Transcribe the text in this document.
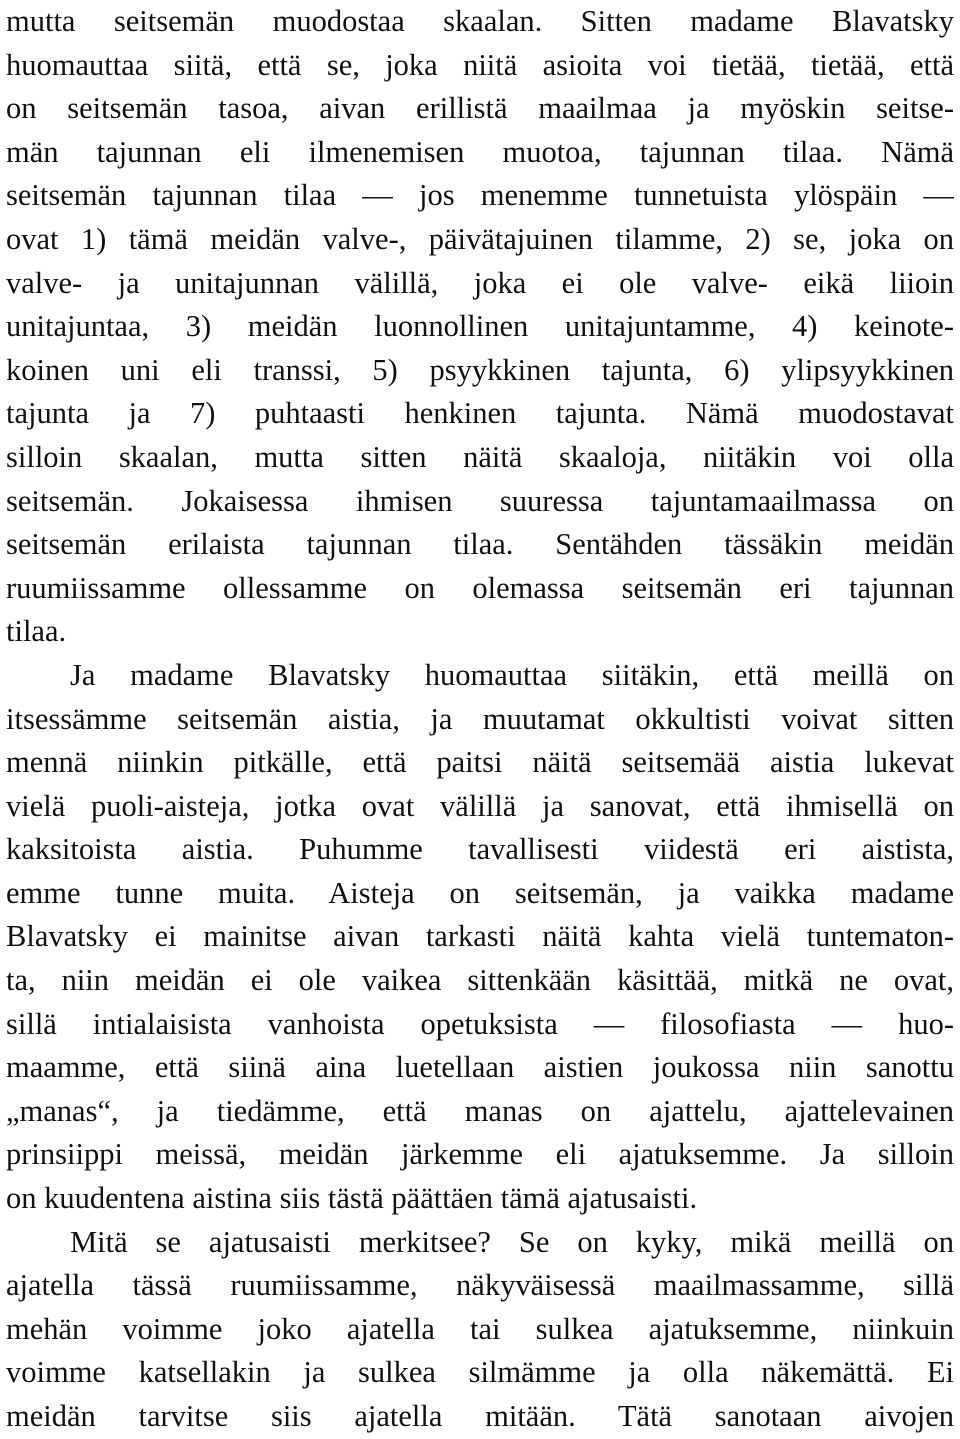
mutta seitsemän muodostaa skaalan. Sitten madame Blavatsky
huomauttaa siitä, että se, joka niitä asioita voi tietää, tietää, että
on seitsemän tasoa, aivan erillistä maailmaa ja myöskin seitse-
män tajunnan eli ilmenemisen muotoa, tajunnan tilaa. Nämä
seitsemän tajunnan tilaa — jos menemme tunnetuista ylöspäin —
ovat 1) tämä meidän valve-, päivätajuinen tilamme, 2) se, joka on
valve- ja unitajunnan välillä, joka ei ole valve- eikä liioin
unitajuntaa, 3) meidän luonnollinen unitajuntamme, 4) keinote-
koinen uni eli transsi, 5) psyykkinen tajunta, 6) ylipsyykkinen
tajunta ja 7) puhtaasti henkinen tajunta. Nämä muodostavat
silloin skaalan, mutta sitten näitä skaaloja, niitäkin voi olla
seitsemän. Jokaisessa ihmisen suuressa tajuntamaailmassa on
seitsemän erilaista tajunnan tilaa. Sentähden tässäkin meidän
ruumiissamme ollessamme on olemassa seitsemän eri tajunnan
tilaa.
Ja madame Blavatsky huomauttaa siitäkin, että meillä on
itsessämme seitsemän aistia, ja muutamat okkultisti voivat sitten
mennä niinkin pitkälle, että paitsi näitä seitsemää aistia lukevat
vielä puoli-aisteja, jotka ovat välillä ja sanovat, että ihmisellä on
kaksitoista aistia. Puhumme tavallisesti viidestä eri aistista,
emme tunne muita. Aisteja on seitsemän, ja vaikka madame
Blavatsky ei mainitse aivan tarkasti näitä kahta vielä tuntematon-
ta, niin meidän ei ole vaikea sittenkään käsittää, mitkä ne ovat,
sillä intialaisista vanhoista opetuksista — filosofiasta — huo-
maamme, että siinä aina luetellaan aistien joukossa niin sanottu
„manas“, ja tiedämme, että manas on ajattelu, ajattelevainen
prinsiippi meissä, meidän järkemme eli ajatuksemme. Ja silloin
on kuudentena aistina siis tästä päättäen tämä ajatusaisti.
Mitä se ajatusaisti merkitsee? Se on kyky, mikä meillä on
ajatella tässä ruumiissamme, näkyväisessä maailmassamme, sillä
mehän voimme joko ajatella tai sulkea ajatuksemme, niinkuin
voimme katsellakin ja sulkea silmämme ja olla näkemättä. Ei
meidän tarvitse siis ajatella mitään. Tätä sanotaan aivojen
